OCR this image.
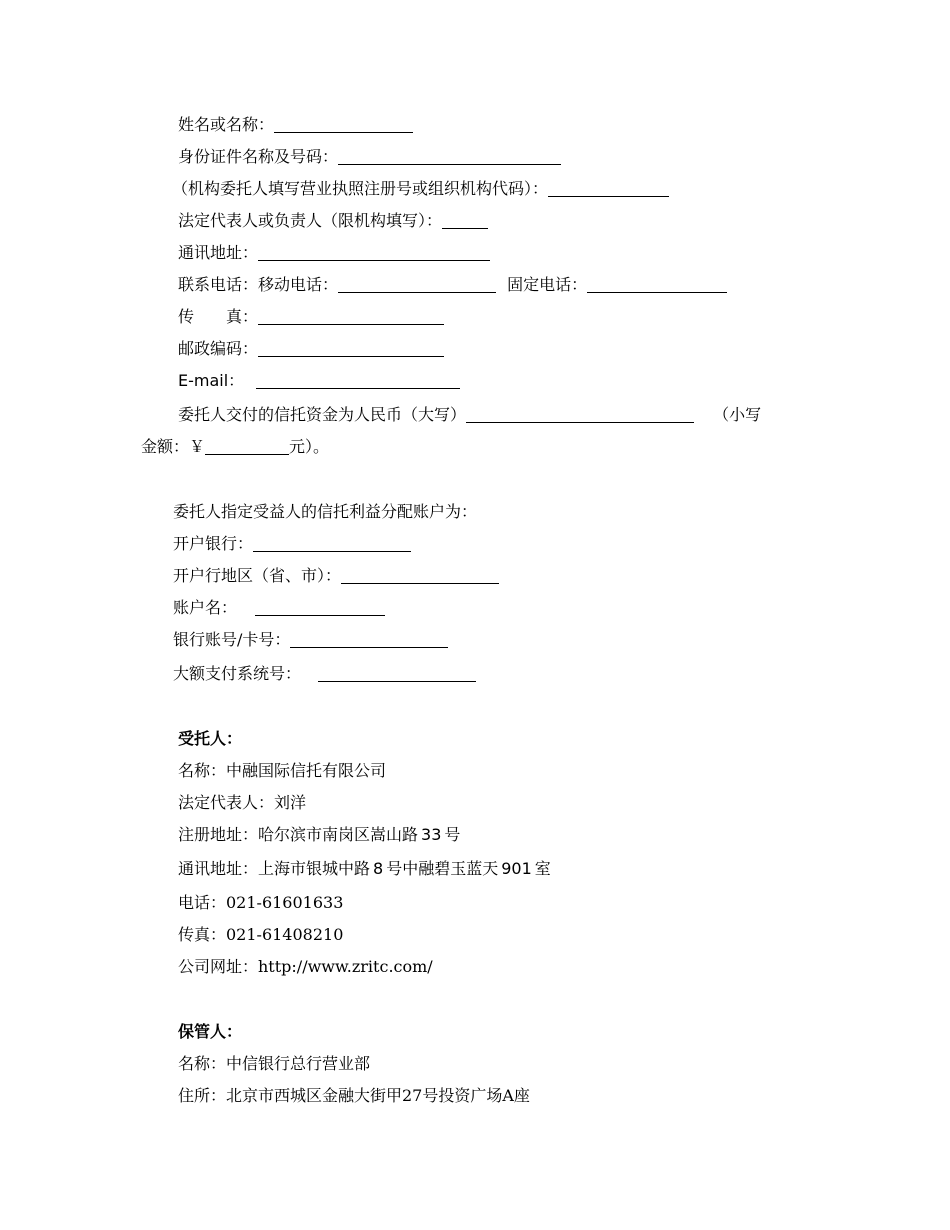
姓名或名称：
身份证件名称及号码：
（机构委托人填写营业执照注册号或组织机构代码）：
法定代表人或负责人（限机构填写）：
通讯地址：
联系电话：移动电话：	固定电话：
传　　真：
邮政编码：
E-mail：
委托人交付的信托资金为人民币（大写）	（小写
金额：￥	元）。
委托人指定受益人的信托利益分配账户为：
开户银行：
开户行地区（省、市）：
账户名：
银行账号/卡号：
大额支付系统号：
受托人：
名称：中融国际信托有限公司
法定代表人：刘洋
注册地址：哈尔滨市南岗区嵩山路 33 号
通讯地址：上海市银城中路 8 号中融碧玉蓝天 901 室
电话：021-61601633
传真：021-61408210
公司网址：http://www.zritc.com/
保管人：
名称：中信银行总行营业部
住所：北京市西城区金融大街甲27号投资广场A座
